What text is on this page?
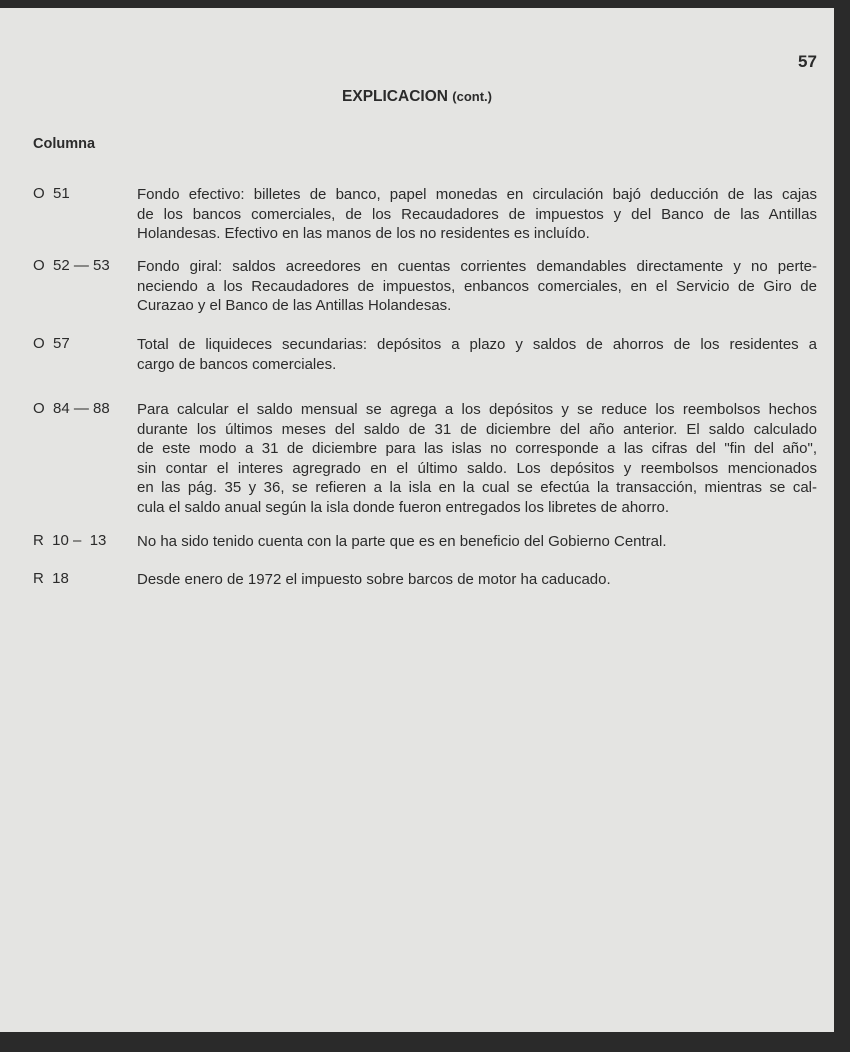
57
EXPLICACION (cont.)
Columna
O  51	Fondo efectivo: billetes de banco, papel monedas en circulación bajó deducción de las cajas
de los bancos comerciales, de los Recaudadores de impuestos y del Banco de las Antillas
Holandesas. Efectivo en las manos de los no residentes es incluído.
O  52 — 53 Fondo giral: saldos acreedores en cuentas corrientes demandables directamente y no perte-
neciendo a los Recaudadores de impuestos, enbancos comerciales, en el Servicio de Giro de
Curazao y el Banco de las Antillas Holandesas.
O  57	Total de liquideces secundarias: depósitos a plazo y saldos de ahorros de los residentes a
cargo de bancos comerciales.
O  84 — 88 Para calcular el saldo mensual se agrega a los depósitos y se reduce los reembolsos hechos
durante los últimos meses del saldo de 31 de diciembre del año anterior. El saldo calculado
de este modo a 31 de diciembre para las islas no corresponde a las cifras del "fin del año",
sin contar el interes agregrado en el último saldo. Los depósitos y reembolsos mencionados
en las pág. 35 y 36, se refieren a la isla en la cual se efectúa la transacción, mientras se cal-
cula el saldo anual según la isla donde fueron entregados los libretes de ahorro.
R  10 –  13 No ha sido tenido cuenta con la parte que es en beneficio del Gobierno Central.
R  18	Desde enero de 1972 el impuesto sobre barcos de motor ha caducado.
